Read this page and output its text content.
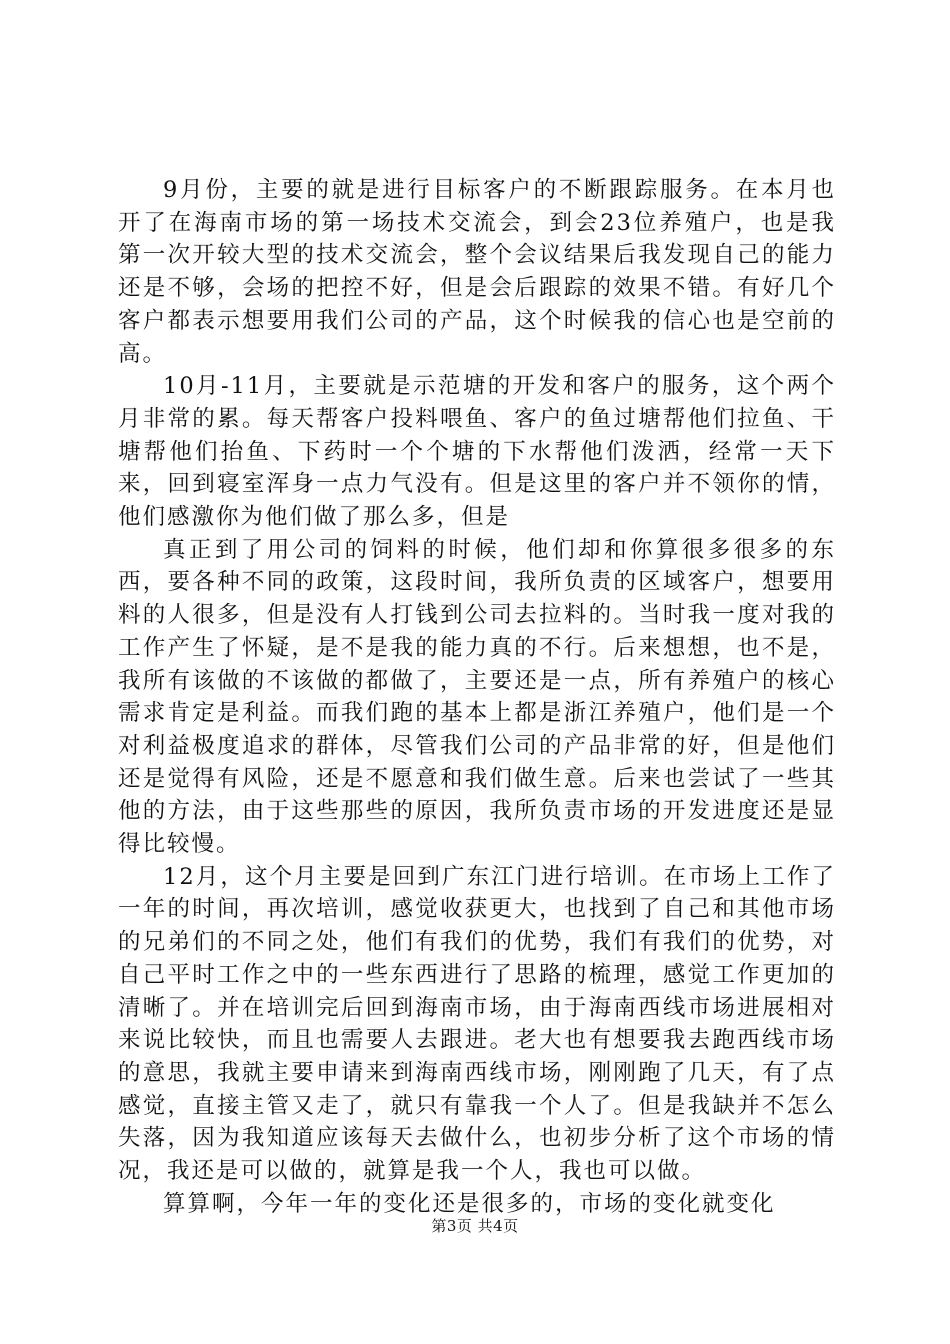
9月份，主要的就是进行目标客户的不断跟踪服务。在本月也开了在海南市场的第一场技术交流会，到会23位养殖户，也是我第一次开较大型的技术交流会，整个会议结果后我发现自己的能力还是不够，会场的把控不好，但是会后跟踪的效果不错。有好几个客户都表示想要用我们公司的产品，这个时候我的信心也是空前的高。

10月-11月，主要就是示范塘的开发和客户的服务，这个两个月非常的累。每天帮客户投料喂鱼、客户的鱼过塘帮他们拉鱼、干塘帮他们抬鱼、下药时一个个塘的下水帮他们泼洒，经常一天下来，回到寝室浑身一点力气没有。但是这里的客户并不领你的情，他们感激你为他们做了那么多，但是

真正到了用公司的饲料的时候，他们却和你算很多很多的东西，要各种不同的政策，这段时间，我所负责的区域客户，想要用料的人很多，但是没有人打钱到公司去拉料的。当时我一度对我的工作产生了怀疑，是不是我的能力真的不行。后来想想，也不是，我所有该做的不该做的都做了，主要还是一点，所有养殖户的核心需求肯定是利益。而我们跑的基本上都是浙江养殖户，他们是一个对利益极度追求的群体，尽管我们公司的产品非常的好，但是他们还是觉得有风险，还是不愿意和我们做生意。后来也尝试了一些其他的方法，由于这些那些的原因，我所负责市场的开发进度还是显得比较慢。

12月，这个月主要是回到广东江门进行培训。在市场上工作了一年的时间，再次培训，感觉收获更大，也找到了自己和其他市场的兄弟们的不同之处，他们有我们的优势，我们有我们的优势，对自己平时工作之中的一些东西进行了思路的梳理，感觉工作更加的清晰了。并在培训完后回到海南市场，由于海南西线市场进展相对来说比较快，而且也需要人去跟进。老大也有想要我去跑西线市场的意思，我就主要申请来到海南西线市场，刚刚跑了几天，有了点感觉，直接主管又走了，就只有靠我一个人了。但是我缺并不怎么失落，因为我知道应该每天去做什么，也初步分析了这个市场的情况，我还是可以做的，就算是我一个人，我也可以做。

算算啊，今年一年的变化还是很多的，市场的变化就变化

第3页 共4页
